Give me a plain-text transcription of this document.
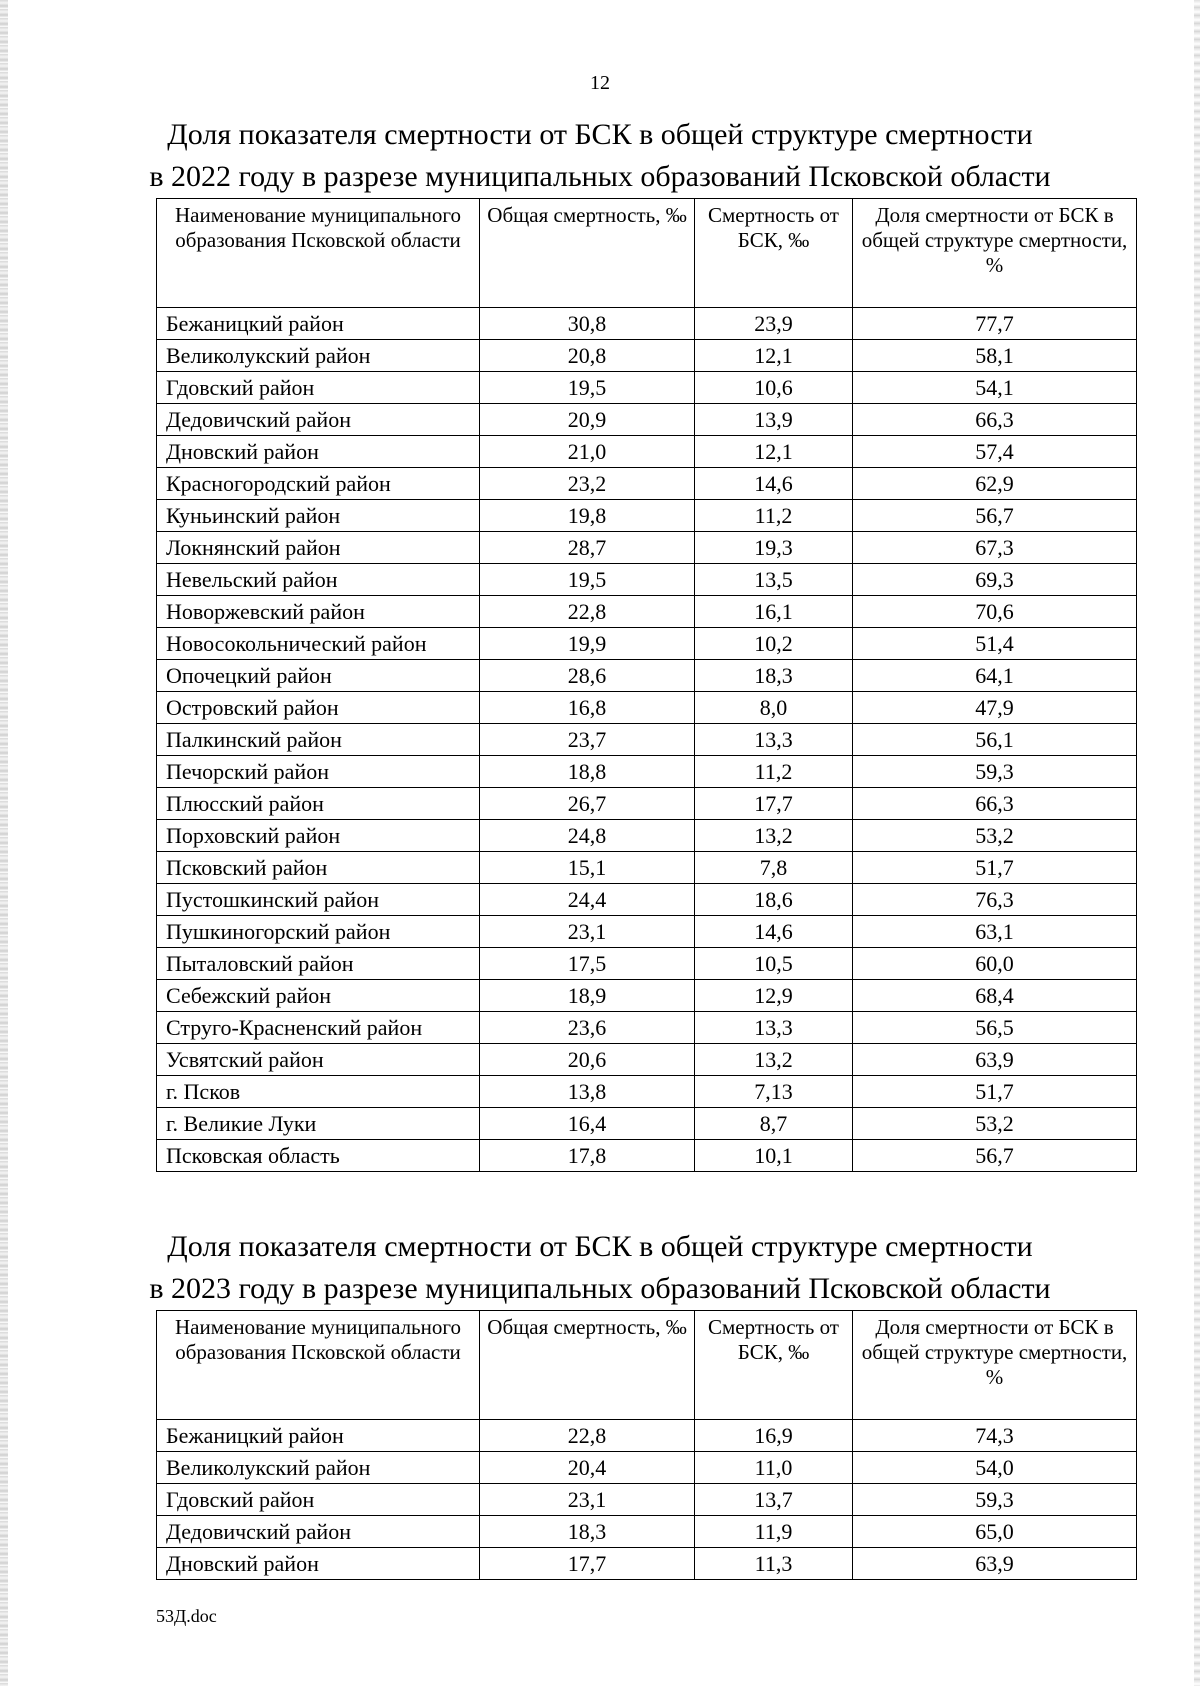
12
Доля показателя смертности от БСК в общей структуре смертности
в 2022 году в разрезе муниципальных образований Псковской области
Наименование муниципального образования Псковской области	Общая смертность, ‰	Смертность от БСК, ‰	Доля смертности от БСК в общей структуре смертности, %
Бежаницкий район	30,8	23,9	77,7
Великолукский район	20,8	12,1	58,1
Гдовский район	19,5	10,6	54,1
Дедовичский район	20,9	13,9	66,3
Дновский район	21,0	12,1	57,4
Красногородский район	23,2	14,6	62,9
Куньинский район	19,8	11,2	56,7
Локнянский район	28,7	19,3	67,3
Невельский район	19,5	13,5	69,3
Новоржевский район	22,8	16,1	70,6
Новосокольнический район	19,9	10,2	51,4
Опочецкий район	28,6	18,3	64,1
Островский район	16,8	8,0	47,9
Палкинский район	23,7	13,3	56,1
Печорский район	18,8	11,2	59,3
Плюсский район	26,7	17,7	66,3
Порховский район	24,8	13,2	53,2
Псковский район	15,1	7,8	51,7
Пустошкинский район	24,4	18,6	76,3
Пушкиногорский район	23,1	14,6	63,1
Пыталовский район	17,5	10,5	60,0
Себежский район	18,9	12,9	68,4
Струго-Красненский район	23,6	13,3	56,5
Усвятский район	20,6	13,2	63,9
г. Псков	13,8	7,13	51,7
г. Великие Луки	16,4	8,7	53,2
Псковская область	17,8	10,1	56,7
Доля показателя смертности от БСК в общей структуре смертности
в 2023 году в разрезе муниципальных образований Псковской области
Наименование муниципального образования Псковской области	Общая смертность, ‰	Смертность от БСК, ‰	Доля смертности от БСК в общей структуре смертности, %
Бежаницкий район	22,8	16,9	74,3
Великолукский район	20,4	11,0	54,0
Гдовский район	23,1	13,7	59,3
Дедовичский район	18,3	11,9	65,0
Дновский район	17,7	11,3	63,9
53Д.doc
